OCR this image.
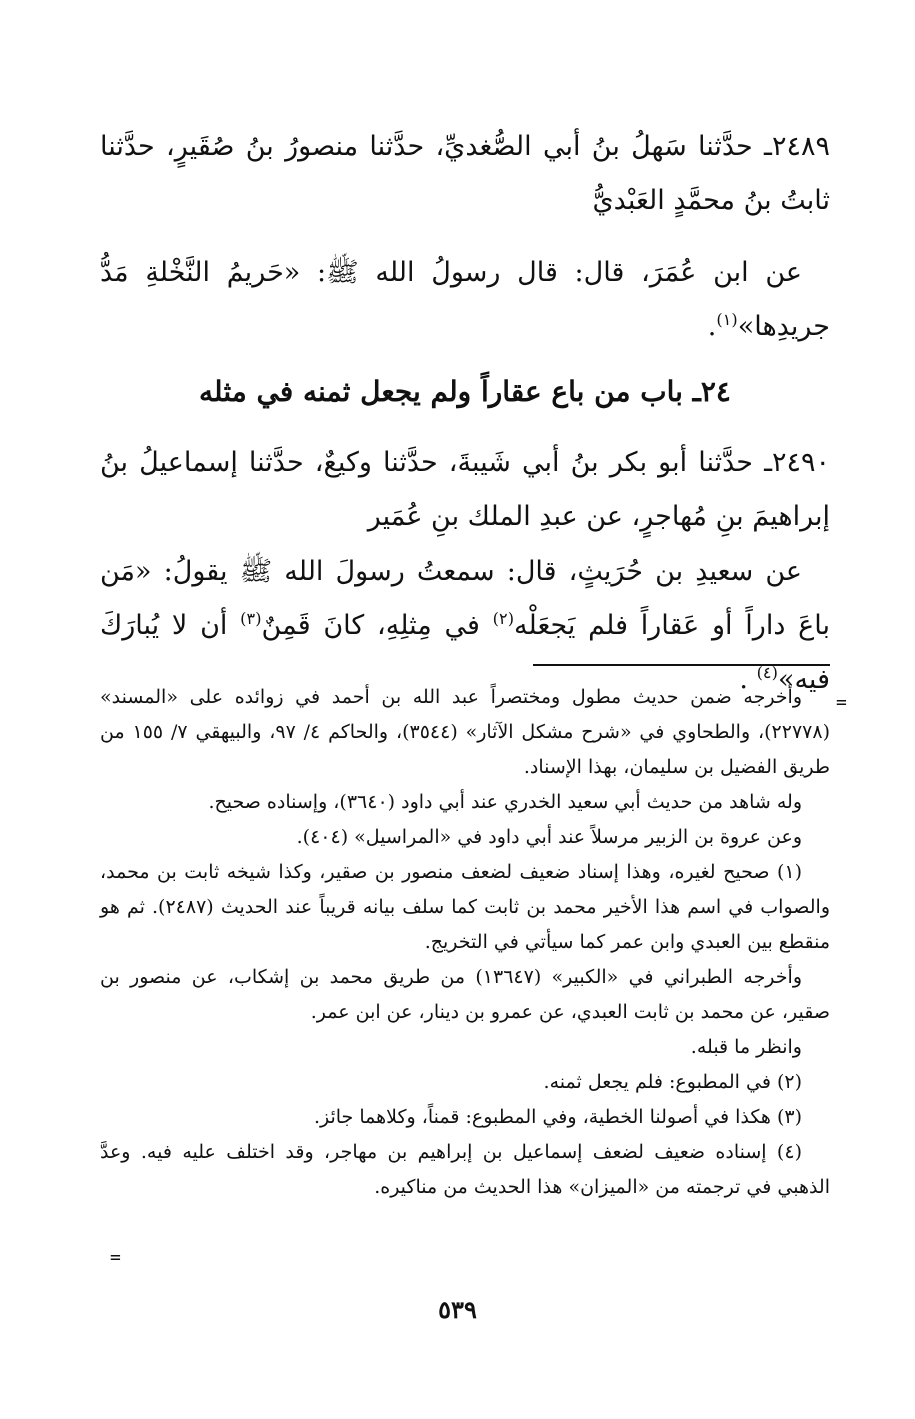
٢٤٨٩ـ حدَّثنا سَهلُ بنُ أبي الصُّغديِّ، حدَّثنا منصورُ بنُ صُقَيرٍ، حدَّثنا ثابتُ بنُ محمَّدٍ العَبْديُّ

عن ابن عُمَرَ، قال: قال رسولُ الله ﷺ: «حَريمُ النَّخْلةِ مَدُّ جريدِها»$^{(١)}$.

٢٤ـ باب من باع عقاراً ولم يجعل ثمنه في مثله

٢٤٩٠ـ حدَّثنا أبو بكر بنُ أبي شَيبةَ، حدَّثنا وكيعٌ، حدَّثنا إسماعيلُ بنُ إبراهيمَ بنِ مُهاجرٍ، عن عبدِ الملك بنِ عُمَير

عن سعيدِ بن حُرَيثٍ، قال: سمعتُ رسولَ الله ﷺ يقولُ: «مَن باعَ داراً أو عَقاراً فلم يَجعَلْه$^{(٢)}$ في مِثلِهِ، كانَ قَمِنٌ$^{(٣)}$ أن لا يُبارَكَ فيه»$^{(٤)}$ .

=

وأخرجه ضمن حديث مطول ومختصراً عبد الله بن أحمد في زوائده على «المسند» (٢٢٧٧٨)، والطحاوي في «شرح مشكل الآثار» (٣٥٤٤)، والحاكم ٤/ ٩٧، والبيهقي ٧/ ١٥٥ من طريق الفضيل بن سليمان، بهذا الإسناد.

وله شاهد من حديث أبي سعيد الخدري عند أبي داود (٣٦٤٠)، وإسناده صحيح.

وعن عروة بن الزبير مرسلاً عند أبي داود في «المراسيل» (٤٠٤).

(١) صحيح لغيره، وهذا إسناد ضعيف لضعف منصور بن صقير، وكذا شيخه ثابت بن محمد، والصواب في اسم هذا الأخير محمد بن ثابت كما سلف بيانه قريباً عند الحديث (٢٤٨٧). ثم هو منقطع بين العبدي وابن عمر كما سيأتي في التخريج.

وأخرجه الطبراني في «الكبير» (١٣٦٤٧) من طريق محمد بن إشكاب، عن منصور بن صقير، عن محمد بن ثابت العبدي، عن عمرو بن دينار، عن ابن عمر.

وانظر ما قبله.

(٢) في المطبوع: فلم يجعل ثمنه.

(٣) هكذا في أصولنا الخطية، وفي المطبوع: قمناً، وكلاهما جائز.

(٤) إسناده ضعيف لضعف إسماعيل بن إبراهيم بن مهاجر، وقد اختلف عليه فيه. وعدَّ الذهبي في ترجمته من «الميزان» هذا الحديث من مناكيره.

=
٥٣٩
